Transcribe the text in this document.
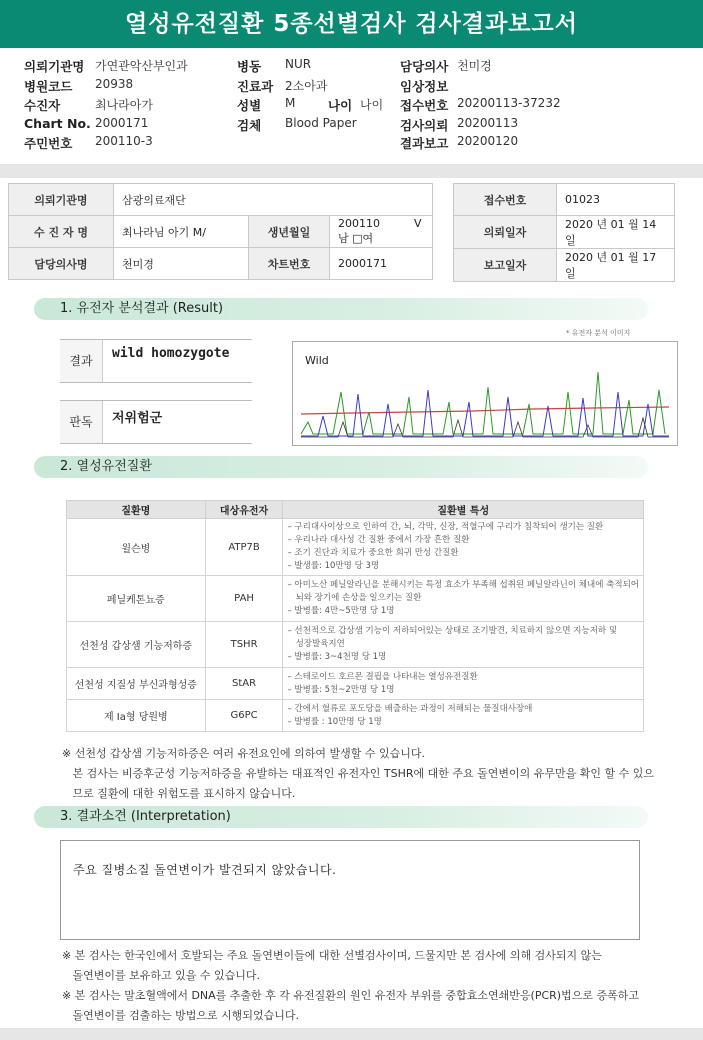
열성유전질환 5종선별검사 검사결과보고서
의뢰기관명 가연관악산부인과	병동 NUR	담당의사 천미경
병원코드 20938	진료과 2소아과	임상정보
수진자	최나라아가	성별 M	나이 나이 접수번호 20200113-37232
Chart No. 2000171	검체 Blood Paper	검사의뢰 20200113
주민번호 200110-3	결과보고 20200120
의뢰기관명	삼광의료재단		
수 진 자 명	최나라님 아기 M/	생년월일	200110 V남 □여
담당의사명	천미경	차트번호	2000171
접수번호	01023
의뢰일자	2020 년 01 월 14 일
보고일자	2020 년 01 월 17 일
1. 유전자 분석결과 (Result)
결과	wild homozygote
판독	저위험군
* 유전자 분석 이미지
Wild
2. 열성유전질환
질환명	대상유전자	질환별 특성
윌슨병	ATP7B	– 구리대사이상으로 인하여 간, 뇌, 각막, 신장, 적혈구에 구리가 침착되어 생기는 질환
– 우리나라 대사성 간 질환 중에서 가장 흔한 질환
– 조기 진단과 치료가 중요한 희귀 만성 간질환
– 발생률: 10만명 당 3명

페닐케톤뇨증	PAH	– 아미노산 페닐알라닌을 분해시키는 특정 효소가 부족해 섭취된 페닐알라닌이 체내에 축적되어
뇌와 장기에 손상을 일으키는 질환
– 발병률: 4만~5만명 당 1명

선천성 갑상샘 기능저하증	TSHR	– 선천적으로 갑상샘 기능이 저하되어있는 상태로 조기발견, 치료하지 않으면 지능저하 및
성장발육지연
– 발병률: 3~4천명 당 1명

선천성 지질성 부신과형성증	StAR	– 스테로이드 호르몬 결핍을 나타내는 열성유전질환
– 발병률: 5천~2만명 당 1명

제 Ia형 당원병	G6PC	– 간에서 혈류로 포도당을 배출하는 과정이 저해되는 물질대사장애
– 발병률 : 10만명 당 1명
※ 선천성 갑상샘 기능저하증은 여러 유전요인에 의하여 발생할 수 있습니다.
본 검사는 비증후군성 기능저하증을 유발하는 대표적인 유전자인 TSHR에 대한 주요 돌연변이의 유무만을 확인 할 수 있으
므로 질환에 대한 위험도를 표시하지 않습니다.
3. 결과소견 (Interpretation)
주요 질병소질 돌연변이가 발견되지 않았습니다.
※ 본 검사는 한국인에서 호발되는 주요 돌연변이들에 대한 선별검사이며, 드물지만 본 검사에 의해 검사되지 않는
돌연변이를 보유하고 있을 수 있습니다.
※ 본 검사는 말초혈액에서 DNA를 추출한 후 각 유전질환의 원인 유전자 부위를 중합효소연쇄반응(PCR)법으로 증폭하고
돌연변이를 검출하는 방법으로 시행되었습니다.
